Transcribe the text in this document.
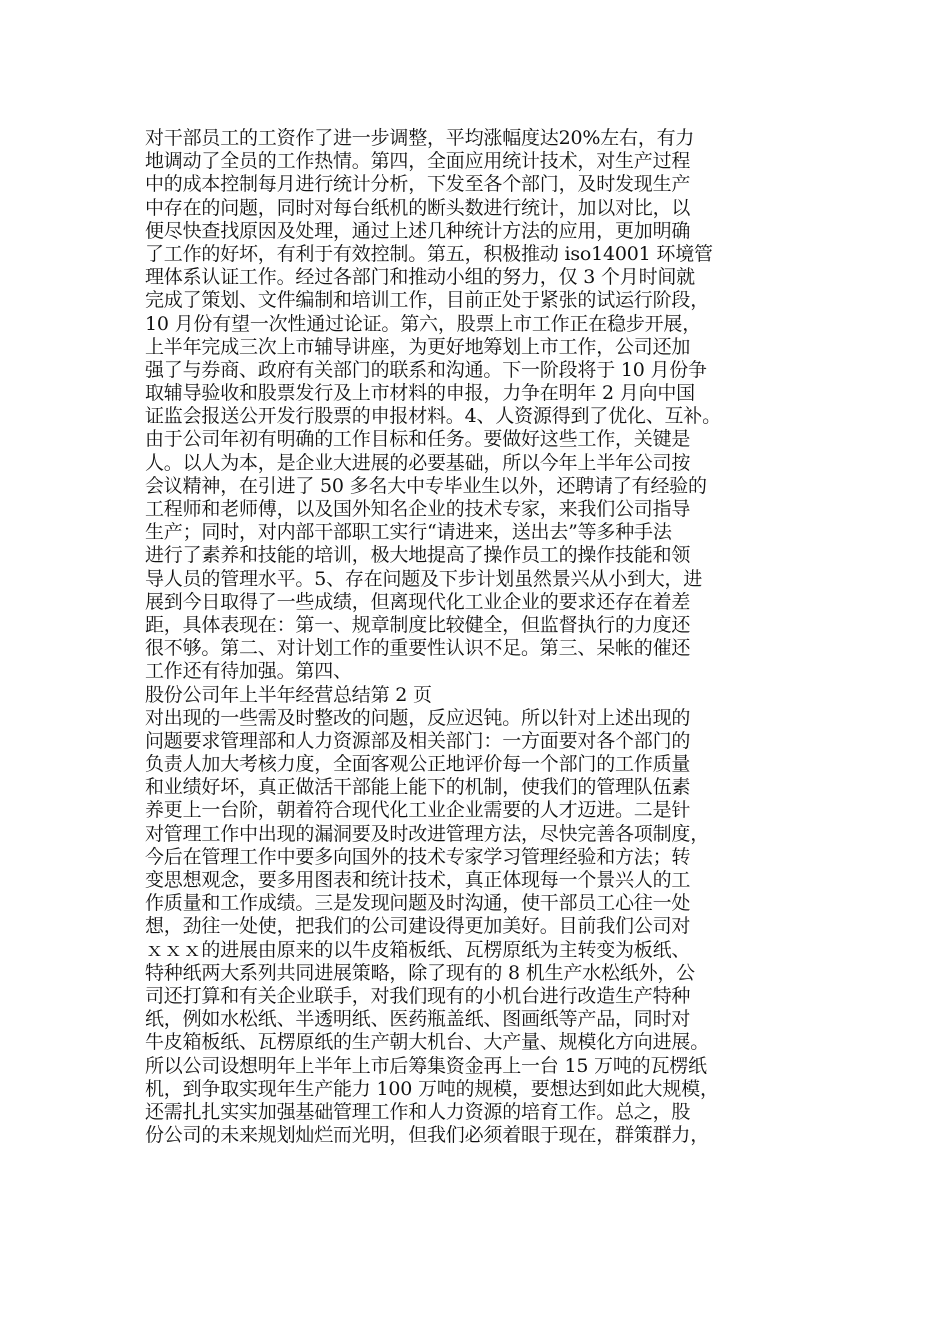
对干部员工的工资作了进一步调整，平均涨幅度达20%左右，有力
地调动了全员的工作热情。第四，全面应用统计技术，对生产过程
中的成本控制每月进行统计分析，下发至各个部门，及时发现生产
中存在的问题，同时对每台纸机的断头数进行统计，加以对比，以
便尽快查找原因及处理，通过上述几种统计方法的应用，更加明确
了工作的好坏，有利于有效控制。第五，积极推动 iso14001 环境管
理体系认证工作。经过各部门和推动小组的努力，仅 3 个月时间就
完成了策划、文件编制和培训工作，目前正处于紧张的试运行阶段，
10 月份有望一次性通过论证。第六，股票上市工作正在稳步开展，
上半年完成三次上市辅导讲座，为更好地筹划上市工作，公司还加
强了与券商、政府有关部门的联系和沟通。下一阶段将于 10 月份争
取辅导验收和股票发行及上市材料的申报，力争在明年 2 月向中国
证监会报送公开发行股票的申报材料。4、人资源得到了优化、互补。
由于公司年初有明确的工作目标和任务。要做好这些工作，关键是
人。以人为本，是企业大进展的必要基础，所以今年上半年公司按
会议精神，在引进了 50 多名大中专毕业生以外，还聘请了有经验的
工程师和老师傅，以及国外知名企业的技术专家，来我们公司指导
生产；同时，对内部干部职工实行“请进来，送出去”等多种手法
进行了素养和技能的培训，极大地提高了操作员工的操作技能和领
导人员的管理水平。5、存在问题及下步计划虽然景兴从小到大，进
展到今日取得了一些成绩，但离现代化工业企业的要求还存在着差
距，具体表现在：第一、规章制度比较健全，但监督执行的力度还
很不够。第二、对计划工作的重要性认识不足。第三、呆帐的催还
工作还有待加强。第四、
股份公司年上半年经营总结第 2 页
对出现的一些需及时整改的问题，反应迟钝。所以针对上述出现的
问题要求管理部和人力资源部及相关部门：一方面要对各个部门的
负责人加大考核力度，全面客观公正地评价每一个部门的工作质量
和业绩好坏，真正做活干部能上能下的机制，使我们的管理队伍素
养更上一台阶，朝着符合现代化工业企业需要的人才迈进。二是针
对管理工作中出现的漏洞要及时改进管理方法，尽快完善各项制度，
今后在管理工作中要多向国外的技术专家学习管理经验和方法；转
变思想观念，要多用图表和统计技术，真正体现每一个景兴人的工
作质量和工作成绩。三是发现问题及时沟通，使干部员工心往一处
想，劲往一处使，把我们的公司建设得更加美好。目前我们公司对
ｘｘｘ的进展由原来的以牛皮箱板纸、瓦楞原纸为主转变为板纸、
特种纸两大系列共同进展策略，除了现有的 8 机生产水松纸外，公
司还打算和有关企业联手，对我们现有的小机台进行改造生产特种
纸，例如水松纸、半透明纸、医药瓶盖纸、图画纸等产品，同时对
牛皮箱板纸、瓦楞原纸的生产朝大机台、大产量、规模化方向进展。
所以公司设想明年上半年上市后筹集资金再上一台 15 万吨的瓦楞纸
机，到争取实现年生产能力 100 万吨的规模，要想达到如此大规模，
还需扎扎实实加强基础管理工作和人力资源的培育工作。总之，股
份公司的未来规划灿烂而光明，但我们必须着眼于现在，群策群力，
